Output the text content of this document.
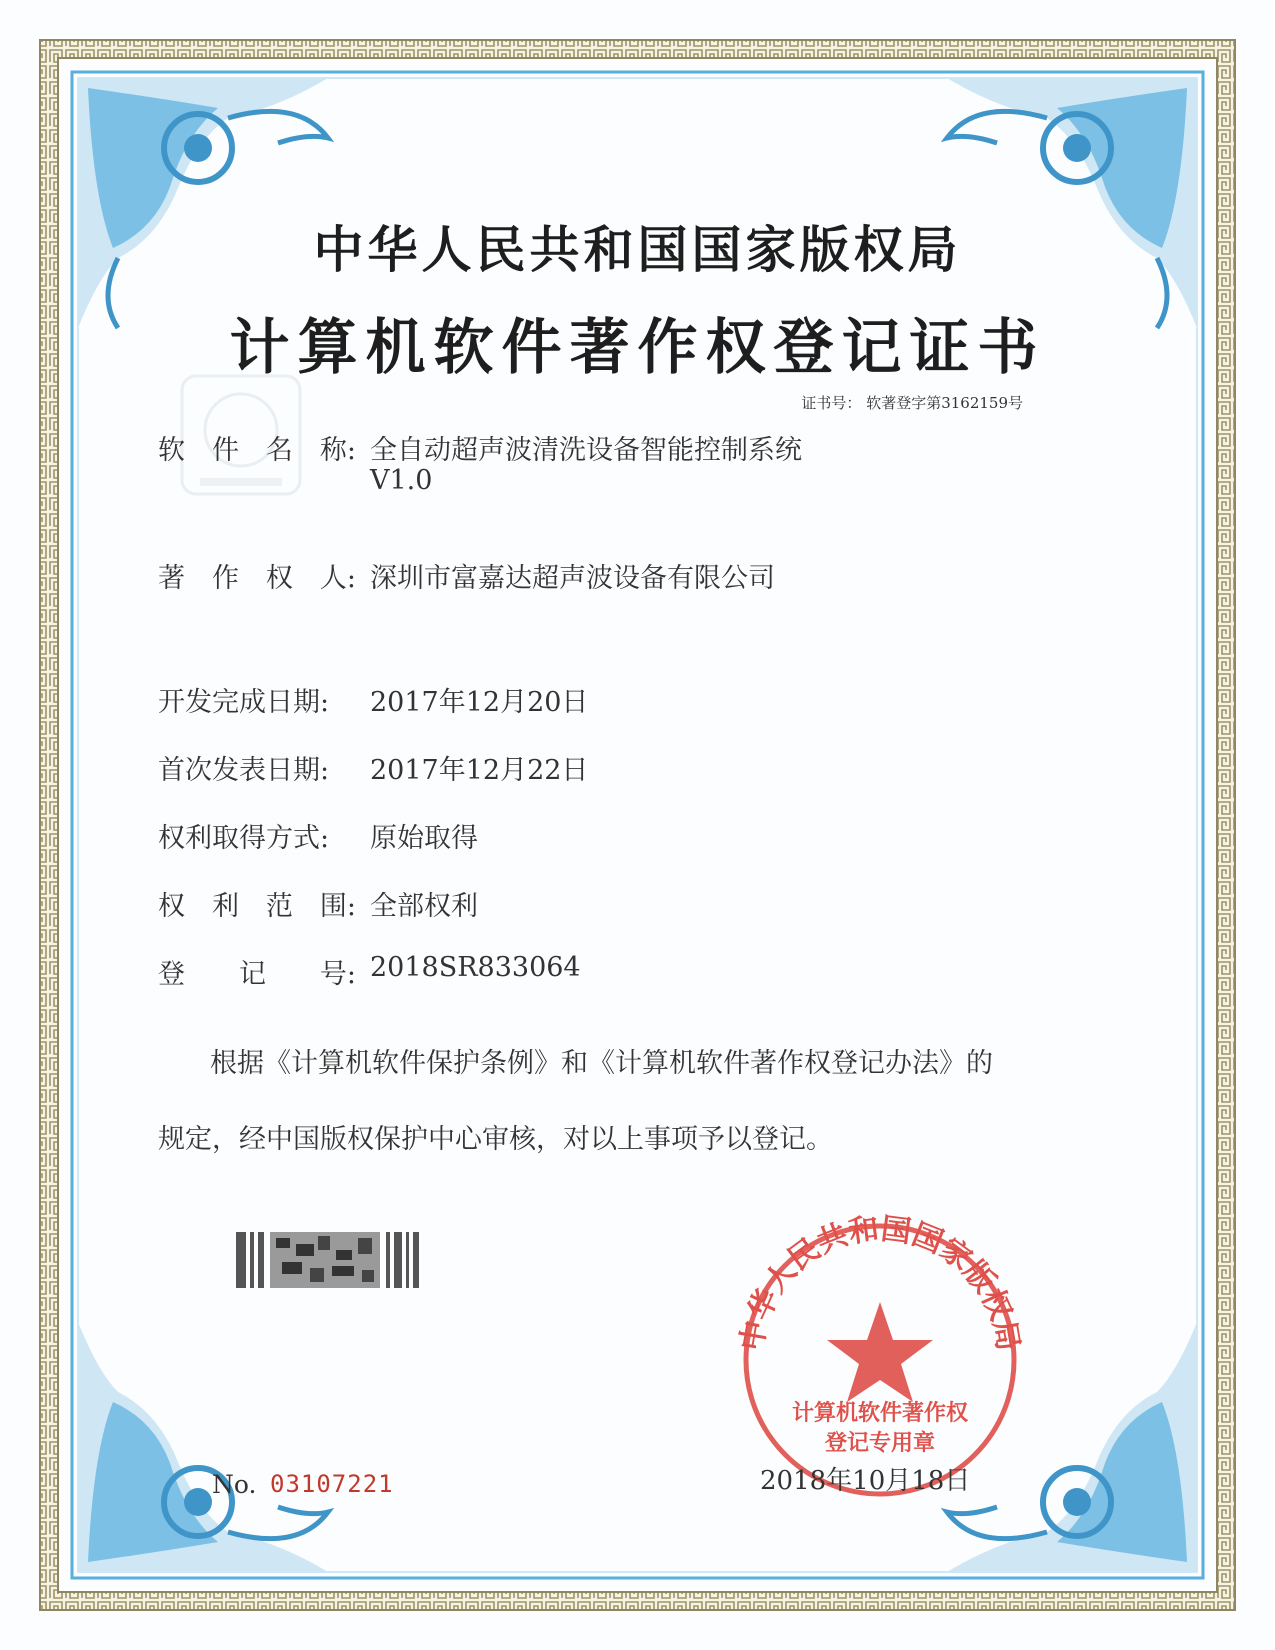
中华人民共和国国家版权局
计算机软件著作权登记证书
证书号： 软著登字第3162159号
软 件 名 称: 全自动超声波清洗设备智能控制系统
V1.0
著 作 权 人: 深圳市富嘉达超声波设备有限公司
开发完成日期: 2017年12月20日
首次发表日期: 2017年12月22日
权利取得方式: 原始取得
权 利 范 围: 全部权利
登 记 号: 2018SR833064
根据《计算机软件保护条例》和《计算机软件著作权登记办法》的
规定，经中国版权保护中心审核，对以上事项予以登记。
中华人民共和国国家版权局
计算机软件著作权
登记专用章
No. 03107221	2018年10月18日
